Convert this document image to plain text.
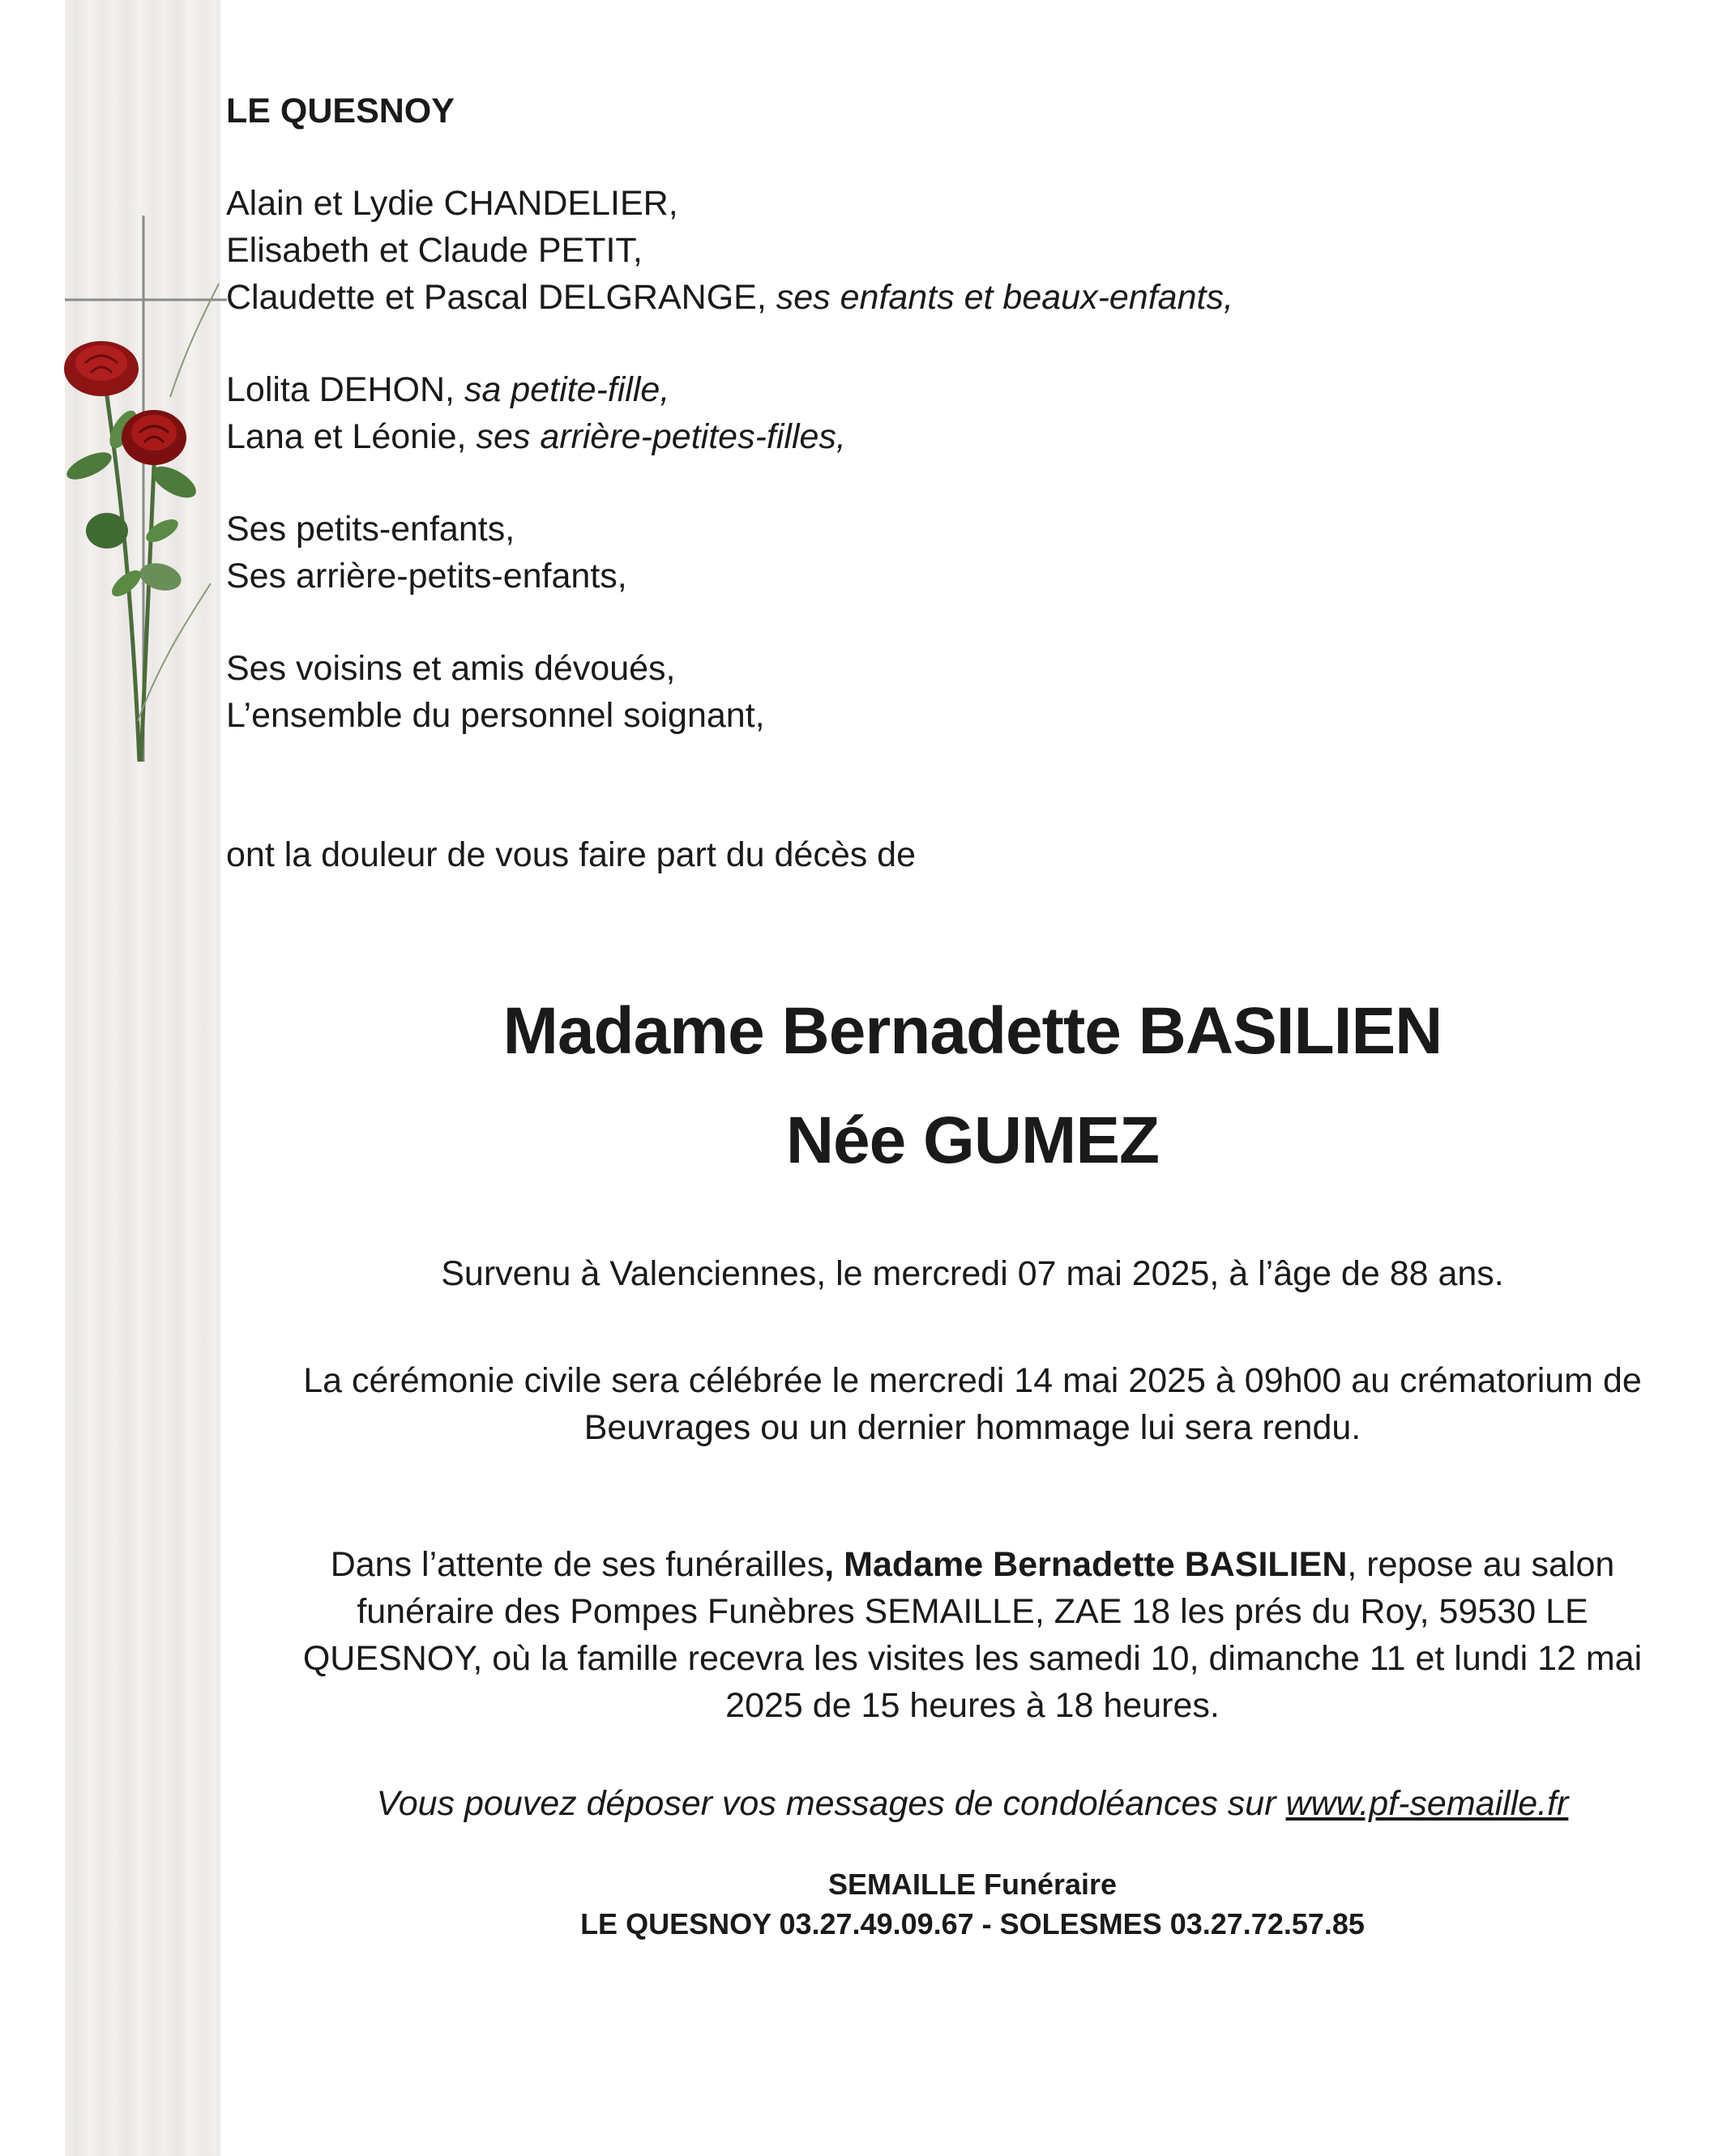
LE QUESNOY
Alain et Lydie CHANDELIER,
Elisabeth et Claude PETIT,
Claudette et Pascal DELGRANGE, ses enfants et beaux-enfants,
Lolita DEHON, sa petite-fille,
Lana et Léonie, ses arrière-petites-filles,
Ses petits-enfants,
Ses arrière-petits-enfants,
Ses voisins et amis dévoués,
L’ensemble du personnel soignant,
ont la douleur de vous faire part du décès de
Madame Bernadette BASILIEN
Née GUMEZ
Survenu à Valenciennes, le mercredi 07 mai 2025, à l’âge de 88 ans.
La cérémonie civile sera célébrée le mercredi 14 mai 2025 à 09h00 au crématorium de
Beuvrages ou un dernier hommage lui sera rendu.
Dans l’attente de ses funérailles, Madame Bernadette BASILIEN, repose au salon funéraire des Pompes Funèbres SEMAILLE, ZAE 18 les prés du Roy, 59530 LE QUESNOY, où la famille recevra les visites les samedi 10, dimanche 11 et lundi 12 mai 2025 de 15 heures à 18 heures.
Vous pouvez déposer vos messages de condoléances sur www.pf-semaille.fr
SEMAILLE Funéraire
LE QUESNOY 03.27.49.09.67 - SOLESMES 03.27.72.57.85
